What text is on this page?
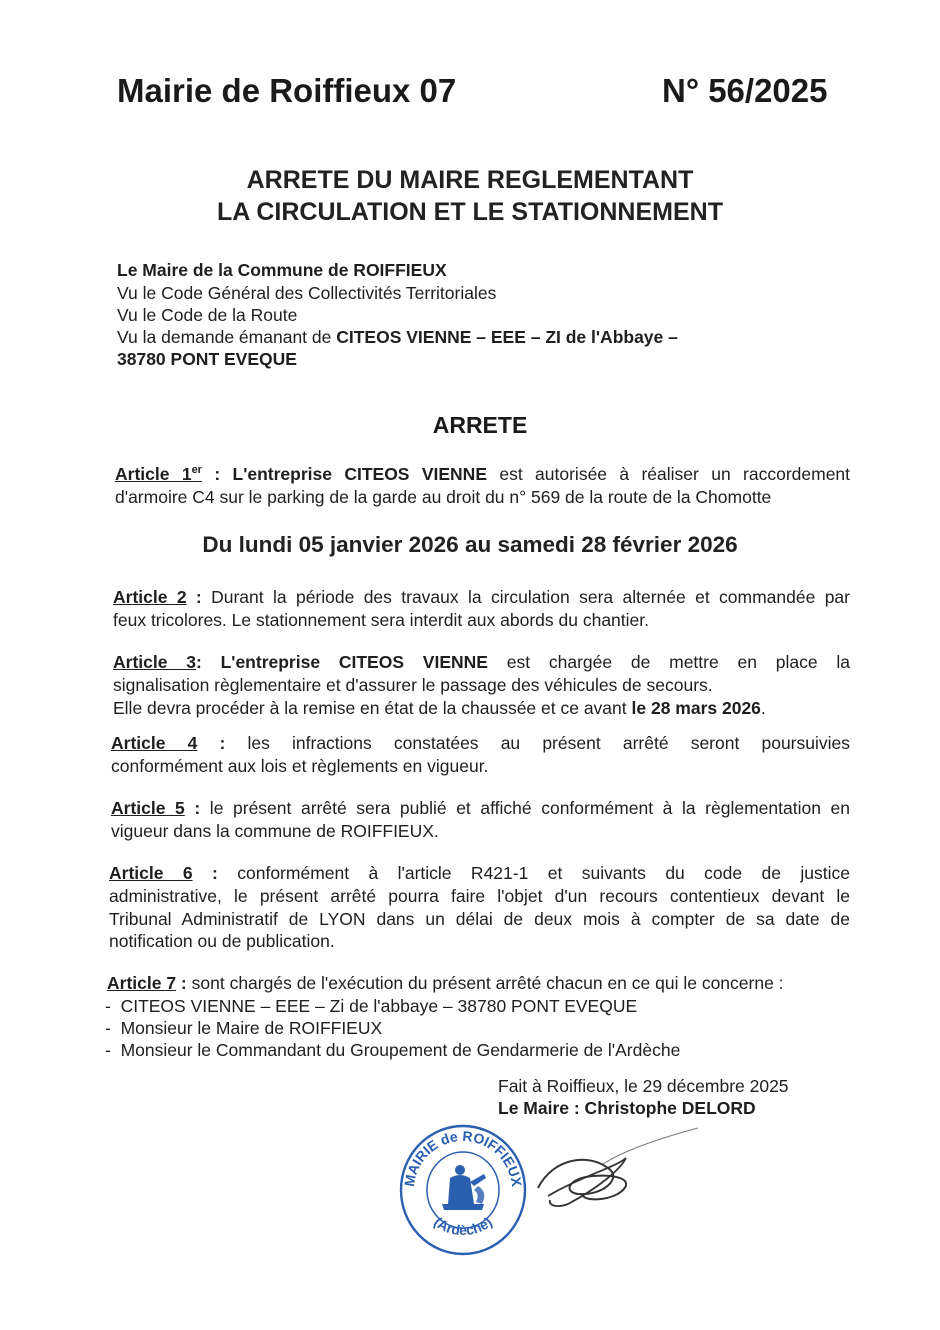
Mairie de Roiffieux 07	N° 56/2025
ARRETE DU MAIRE REGLEMENTANT
LA CIRCULATION ET LE STATIONNEMENT
Le Maire de la Commune de ROIFFIEUX
Vu le Code Général des Collectivités Territoriales
Vu le Code de la Route
Vu la demande émanant de CITEOS VIENNE – EEE – ZI de l'Abbaye –
38780 PONT EVEQUE
ARRETE
Article 1er : L'entreprise CITEOS VIENNE est autorisée à réaliser un raccordement
d'armoire C4 sur le parking de la garde au droit du n° 569 de la route de la Chomotte
Du lundi 05 janvier 2026 au samedi 28 février 2026
Article 2 : Durant la période des travaux la circulation sera alternée et commandée par
feux tricolores. Le stationnement sera interdit aux abords du chantier.
Article 3: L'entreprise CITEOS VIENNE est chargée de mettre en place la
signalisation règlementaire et d'assurer le passage des véhicules de secours.
Elle devra procéder à la remise en état de la chaussée et ce avant le 28 mars 2026.
Article 4 : les infractions constatées au présent arrêté seront poursuivies
conformément aux lois et règlements en vigueur.
Article 5 : le présent arrêté sera publié et affiché conformément à la règlementation en
vigueur dans la commune de ROIFFIEUX.
Article 6 : conformément à l'article R421-1 et suivants du code de justice
administrative, le présent arrêté pourra faire l'objet d'un recours contentieux devant le
Tribunal Administratif de LYON dans un délai de deux mois à compter de sa date de
notification ou de publication.
Article 7 : sont chargés de l'exécution du présent arrêté chacun en ce qui le concerne :
-  CITEOS VIENNE – EEE – Zi de l'abbaye – 38780 PONT EVEQUE
-  Monsieur le Maire de ROIFFIEUX
-  Monsieur le Commandant du Groupement de Gendarmerie de l'Ardèche
Fait à Roiffieux, le 29 décembre 2025
Le Maire : Christophe DELORD
MAIRIE de ROIFFIEUX
(Ardèche)
